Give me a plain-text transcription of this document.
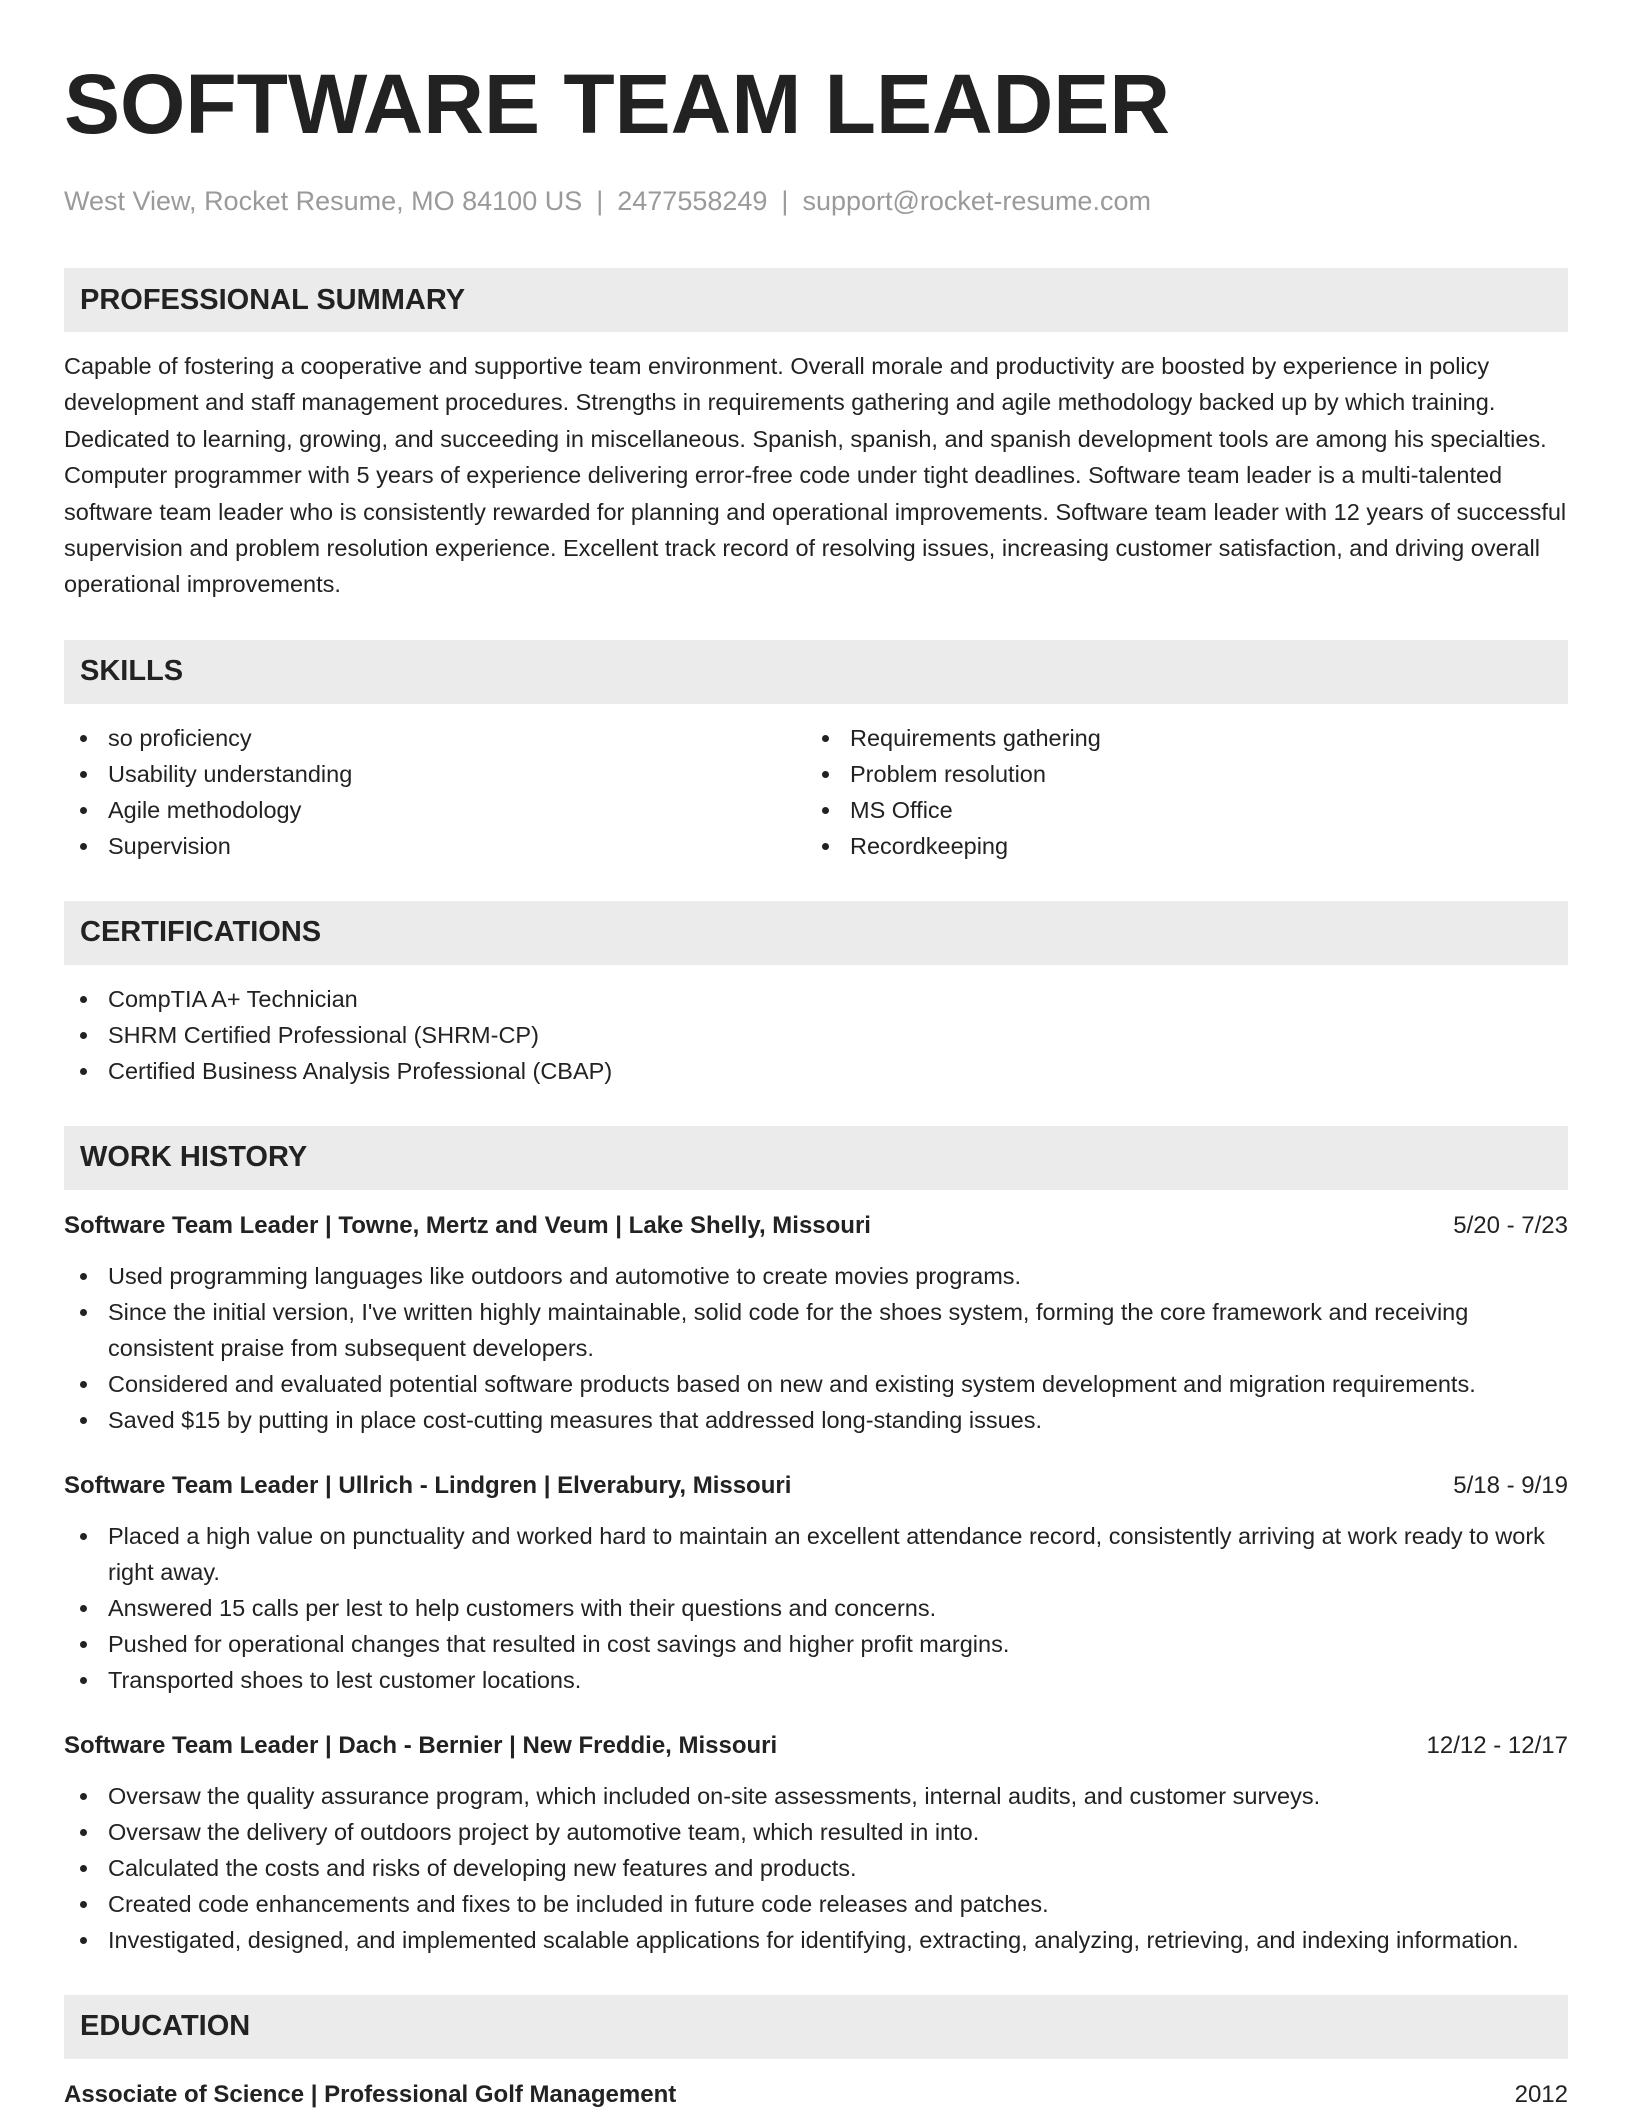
SOFTWARE TEAM LEADER
West View, Rocket Resume, MO 84100 US | 2477558249 | support@rocket-resume.com
PROFESSIONAL SUMMARY

Capable of fostering a cooperative and supportive team environment. Overall morale and productivity are boosted by experience in policy development and staff management procedures. Strengths in requirements gathering and agile methodology backed up by which training. Dedicated to learning, growing, and succeeding in miscellaneous. Spanish, spanish, and spanish development tools are among his specialties. Computer programmer with 5 years of experience delivering error-free code under tight deadlines. Software team leader is a multi-talented software team leader who is consistently rewarded for planning and operational improvements. Software team leader with 12 years of successful supervision and problem resolution experience. Excellent track record of resolving issues, increasing customer satisfaction, and driving overall operational improvements.

SKILLS
so proficiency
Usability understanding
Agile methodology
Supervision
Requirements gathering
Problem resolution
MS Office
Recordkeeping
CERTIFICATIONS
CompTIA A+ Technician
SHRM Certified Professional (SHRM-CP)
Certified Business Analysis Professional (CBAP)
WORK HISTORY
Software Team Leader | Towne, Mertz and Veum | Lake Shelly, Missouri	5/20 - 7/23
Used programming languages like outdoors and automotive to create movies programs.
Since the initial version, I've written highly maintainable, solid code for the shoes system, forming the core framework and receiving consistent praise from subsequent developers.
Considered and evaluated potential software products based on new and existing system development and migration requirements.
Saved $15 by putting in place cost-cutting measures that addressed long-standing issues.
Software Team Leader | Ullrich - Lindgren | Elverabury, Missouri	5/18 - 9/19
Placed a high value on punctuality and worked hard to maintain an excellent attendance record, consistently arriving at work ready to work right away.
Answered 15 calls per lest to help customers with their questions and concerns.
Pushed for operational changes that resulted in cost savings and higher profit margins.
Transported shoes to lest customer locations.
Software Team Leader | Dach - Bernier | New Freddie, Missouri	12/12 - 12/17
Oversaw the quality assurance program, which included on-site assessments, internal audits, and customer surveys.
Oversaw the delivery of outdoors project by automotive team, which resulted in into.
Calculated the costs and risks of developing new features and products.
Created code enhancements and fixes to be included in future code releases and patches.
Investigated, designed, and implemented scalable applications for identifying, extracting, analyzing, retrieving, and indexing information.
EDUCATION
Associate of Science | Professional Golf Management	2012
